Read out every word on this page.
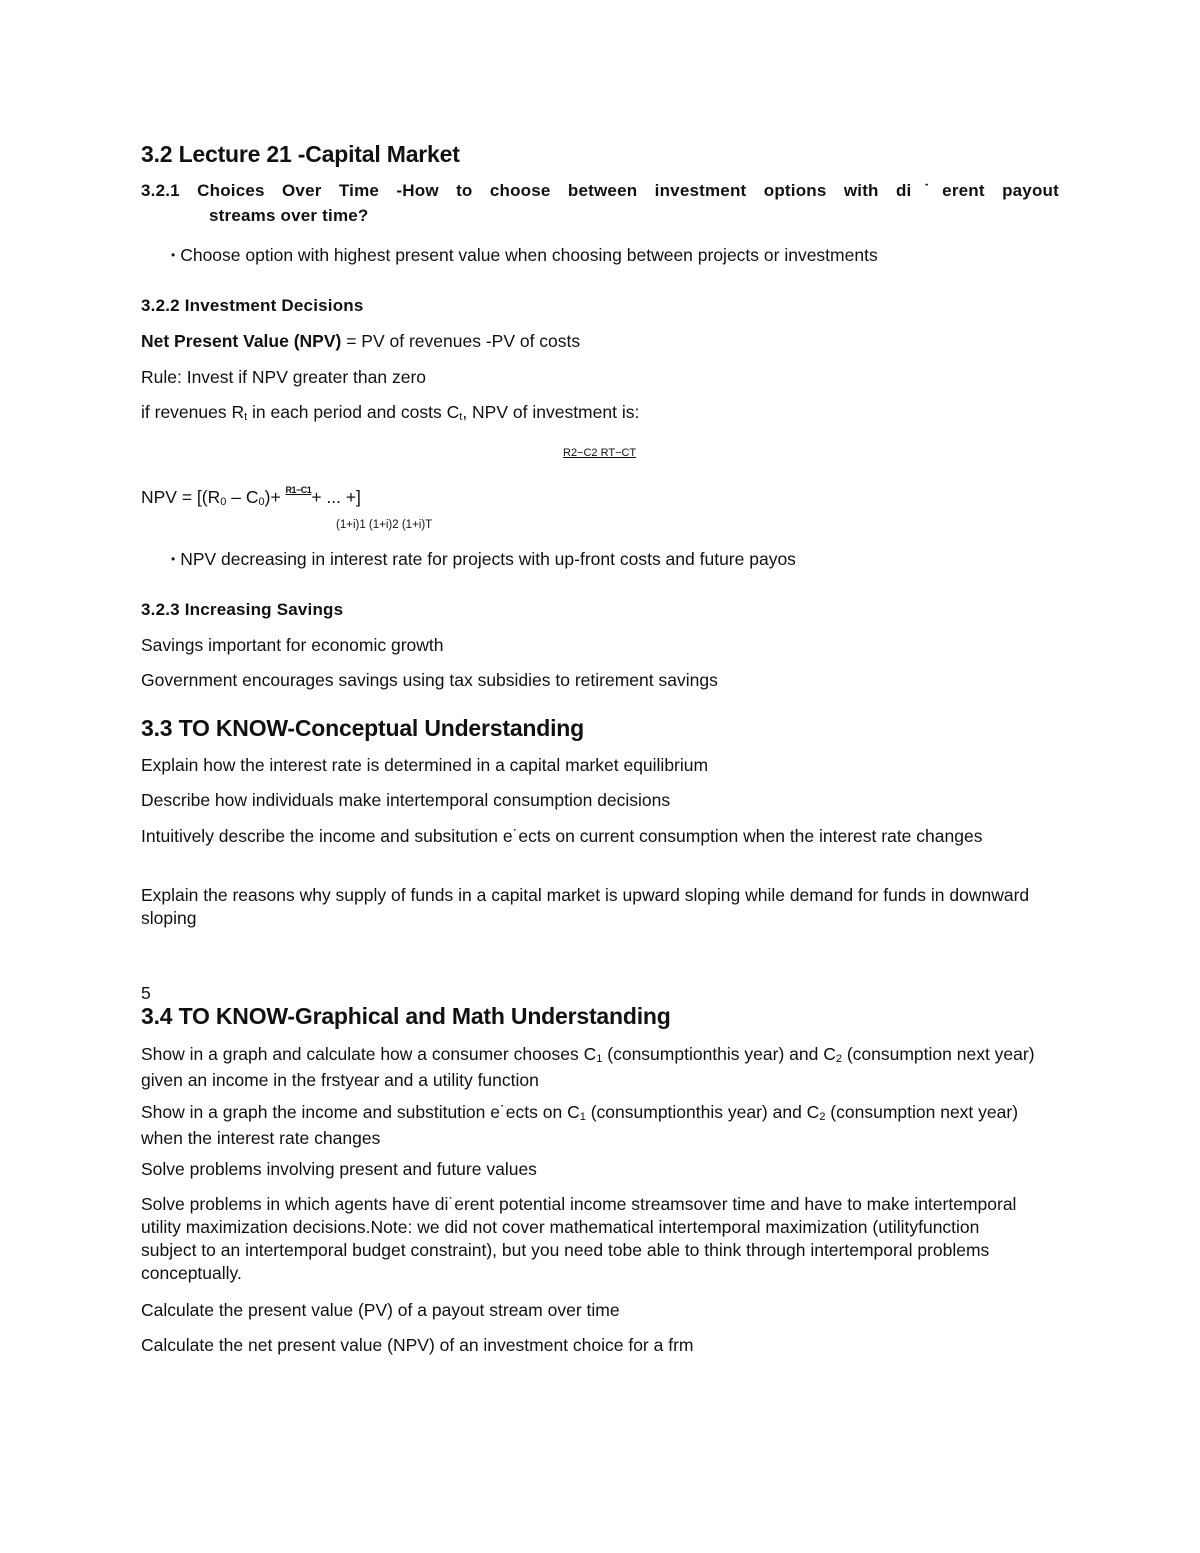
3.2 Lecture 21 -Capital Market
3.2.1 Choices Over Time -How to choose between investment options with di˙erent payout
streams over time?
• Choose option with highest present value when choosing between projects or investments
3.2.2 Investment Decisions

Net Present Value (NPV) = PV of revenues -PV of costs

Rule: Invest if NPV greater than zero

if revenues Rt in each period and costs Ct, NPV of investment is:

R2−C2 RT−CT

NPV = [(R0 – C0)+ $^{R1-C1}$+ ... +]

(1+i)1 (1+i)2 (1+i)T

• NPV decreasing in interest rate for projects with up-front costs and future payos
3.2.3 Increasing Savings

Savings important for economic growth

Government encourages savings using tax subsidies to retirement savings

3.3 TO KNOW-Conceptual Understanding

Explain how the interest rate is determined in a capital market equilibrium

Describe how individuals make intertemporal consumption decisions

Intuitively describe the income and subsitution e˙ects on current consumption when the interest rate changes

Explain the reasons why supply of funds in a capital market is upward sloping while demand for funds in downward sloping

5

3.4 TO KNOW-Graphical and Math Understanding

Show in a graph and calculate how a consumer chooses C1 (consumptionthis year) and C2 (consumption next year) given an income in the frstyear and a utility function

Show in a graph the income and substitution e˙ects on C1 (consumptionthis year) and C2 (consumption next year) when the interest rate changes

Solve problems involving present and future values

Solve problems in which agents have di˙erent potential income streamsover time and have to make intertemporal utility maximization decisions.Note: we did not cover mathematical intertemporal maximization (utilityfunction subject to an intertemporal budget constraint), but you need tobe able to think through intertemporal problems conceptually.

Calculate the present value (PV) of a payout stream over time

Calculate the net present value (NPV) of an investment choice for a frm
